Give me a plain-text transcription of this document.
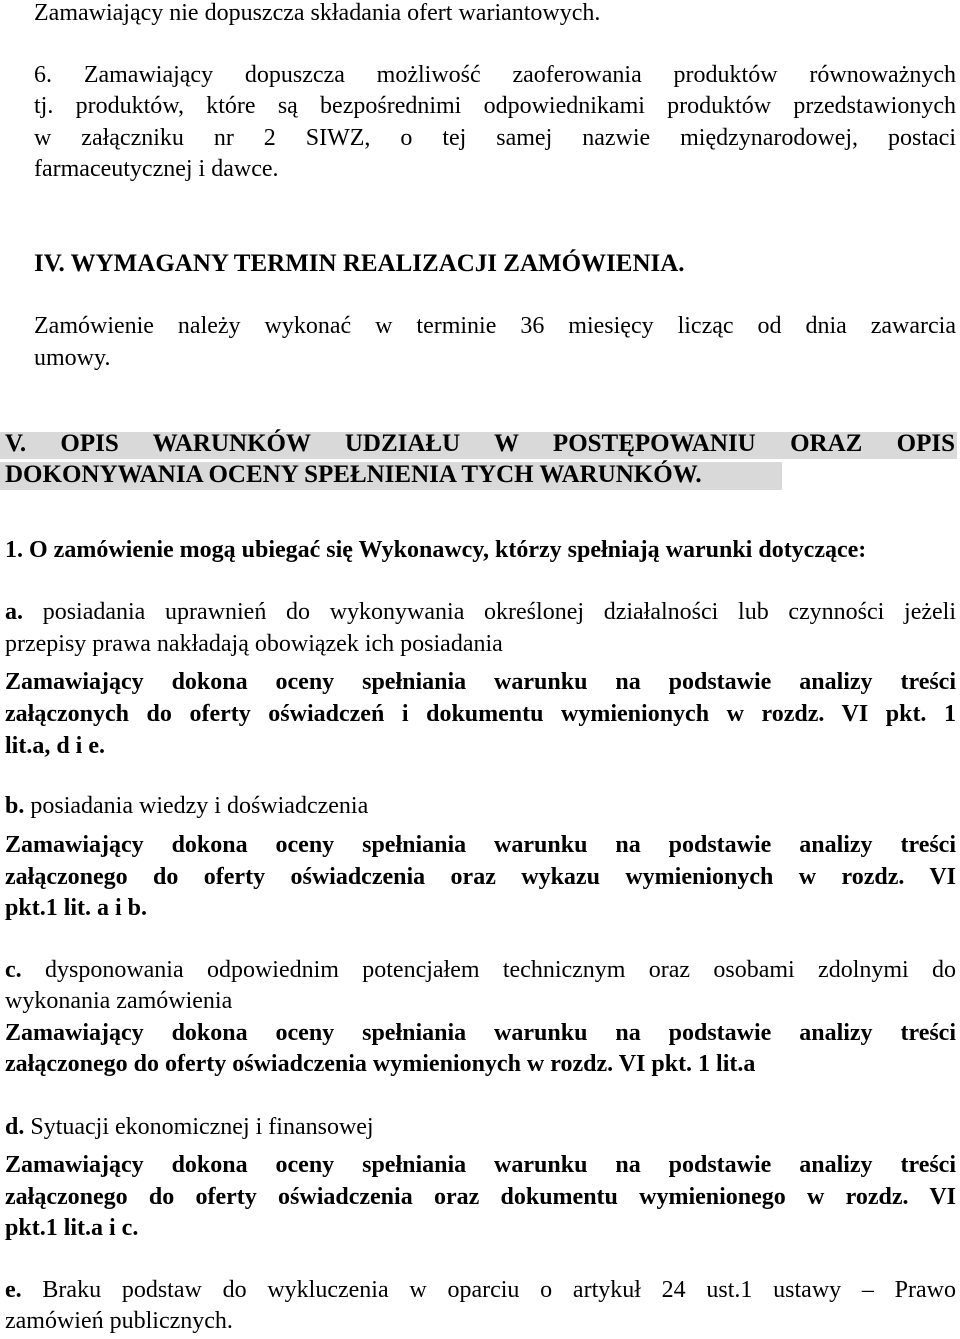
Zamawiający nie dopuszcza składania ofert wariantowych.

6. Zamawiający dopuszcza możliwość zaoferowania produktów równoważnych

tj. produktów, które są bezpośrednimi odpowiednikami produktów przedstawionych

w załączniku nr 2 SIWZ, o tej samej nazwie międzynarodowej, postaci

farmaceutycznej i dawce.

IV. WYMAGANY TERMIN REALIZACJI ZAMÓWIENIA.

Zamówienie należy wykonać w terminie 36 miesięcy licząc od dnia zawarcia

umowy.

V. OPIS WARUNKÓW UDZIAŁU W POSTĘPOWANIU ORAZ OPIS

DOKONYWANIA OCENY SPEŁNIENIA TYCH WARUNKÓW.

1. O zamówienie mogą ubiegać się Wykonawcy, którzy spełniają warunki dotyczące:

a. posiadania uprawnień do wykonywania określonej działalności lub czynności jeżeli

przepisy prawa nakładają obowiązek ich posiadania

Zamawiający dokona oceny spełniania warunku na podstawie analizy treści

załączonych do oferty oświadczeń i dokumentu wymienionych w rozdz. VI pkt. 1

lit.a, d i e.

b. posiadania wiedzy i doświadczenia

Zamawiający dokona oceny spełniania warunku na podstawie analizy treści

załączonego do oferty oświadczenia oraz wykazu wymienionych w rozdz. VI

pkt.1 lit. a i b.

c. dysponowania odpowiednim potencjałem technicznym oraz osobami zdolnymi do

wykonania zamówienia

Zamawiający dokona oceny spełniania warunku na podstawie analizy treści

załączonego do oferty oświadczenia wymienionych w rozdz. VI pkt. 1 lit.a

d. Sytuacji ekonomicznej i finansowej

Zamawiający dokona oceny spełniania warunku na podstawie analizy treści

załączonego do oferty oświadczenia oraz dokumentu wymienionego w rozdz. VI

pkt.1 lit.a i c.

e. Braku podstaw do wykluczenia w oparciu o artykuł 24 ust.1 ustawy – Prawo

zamówień publicznych.
